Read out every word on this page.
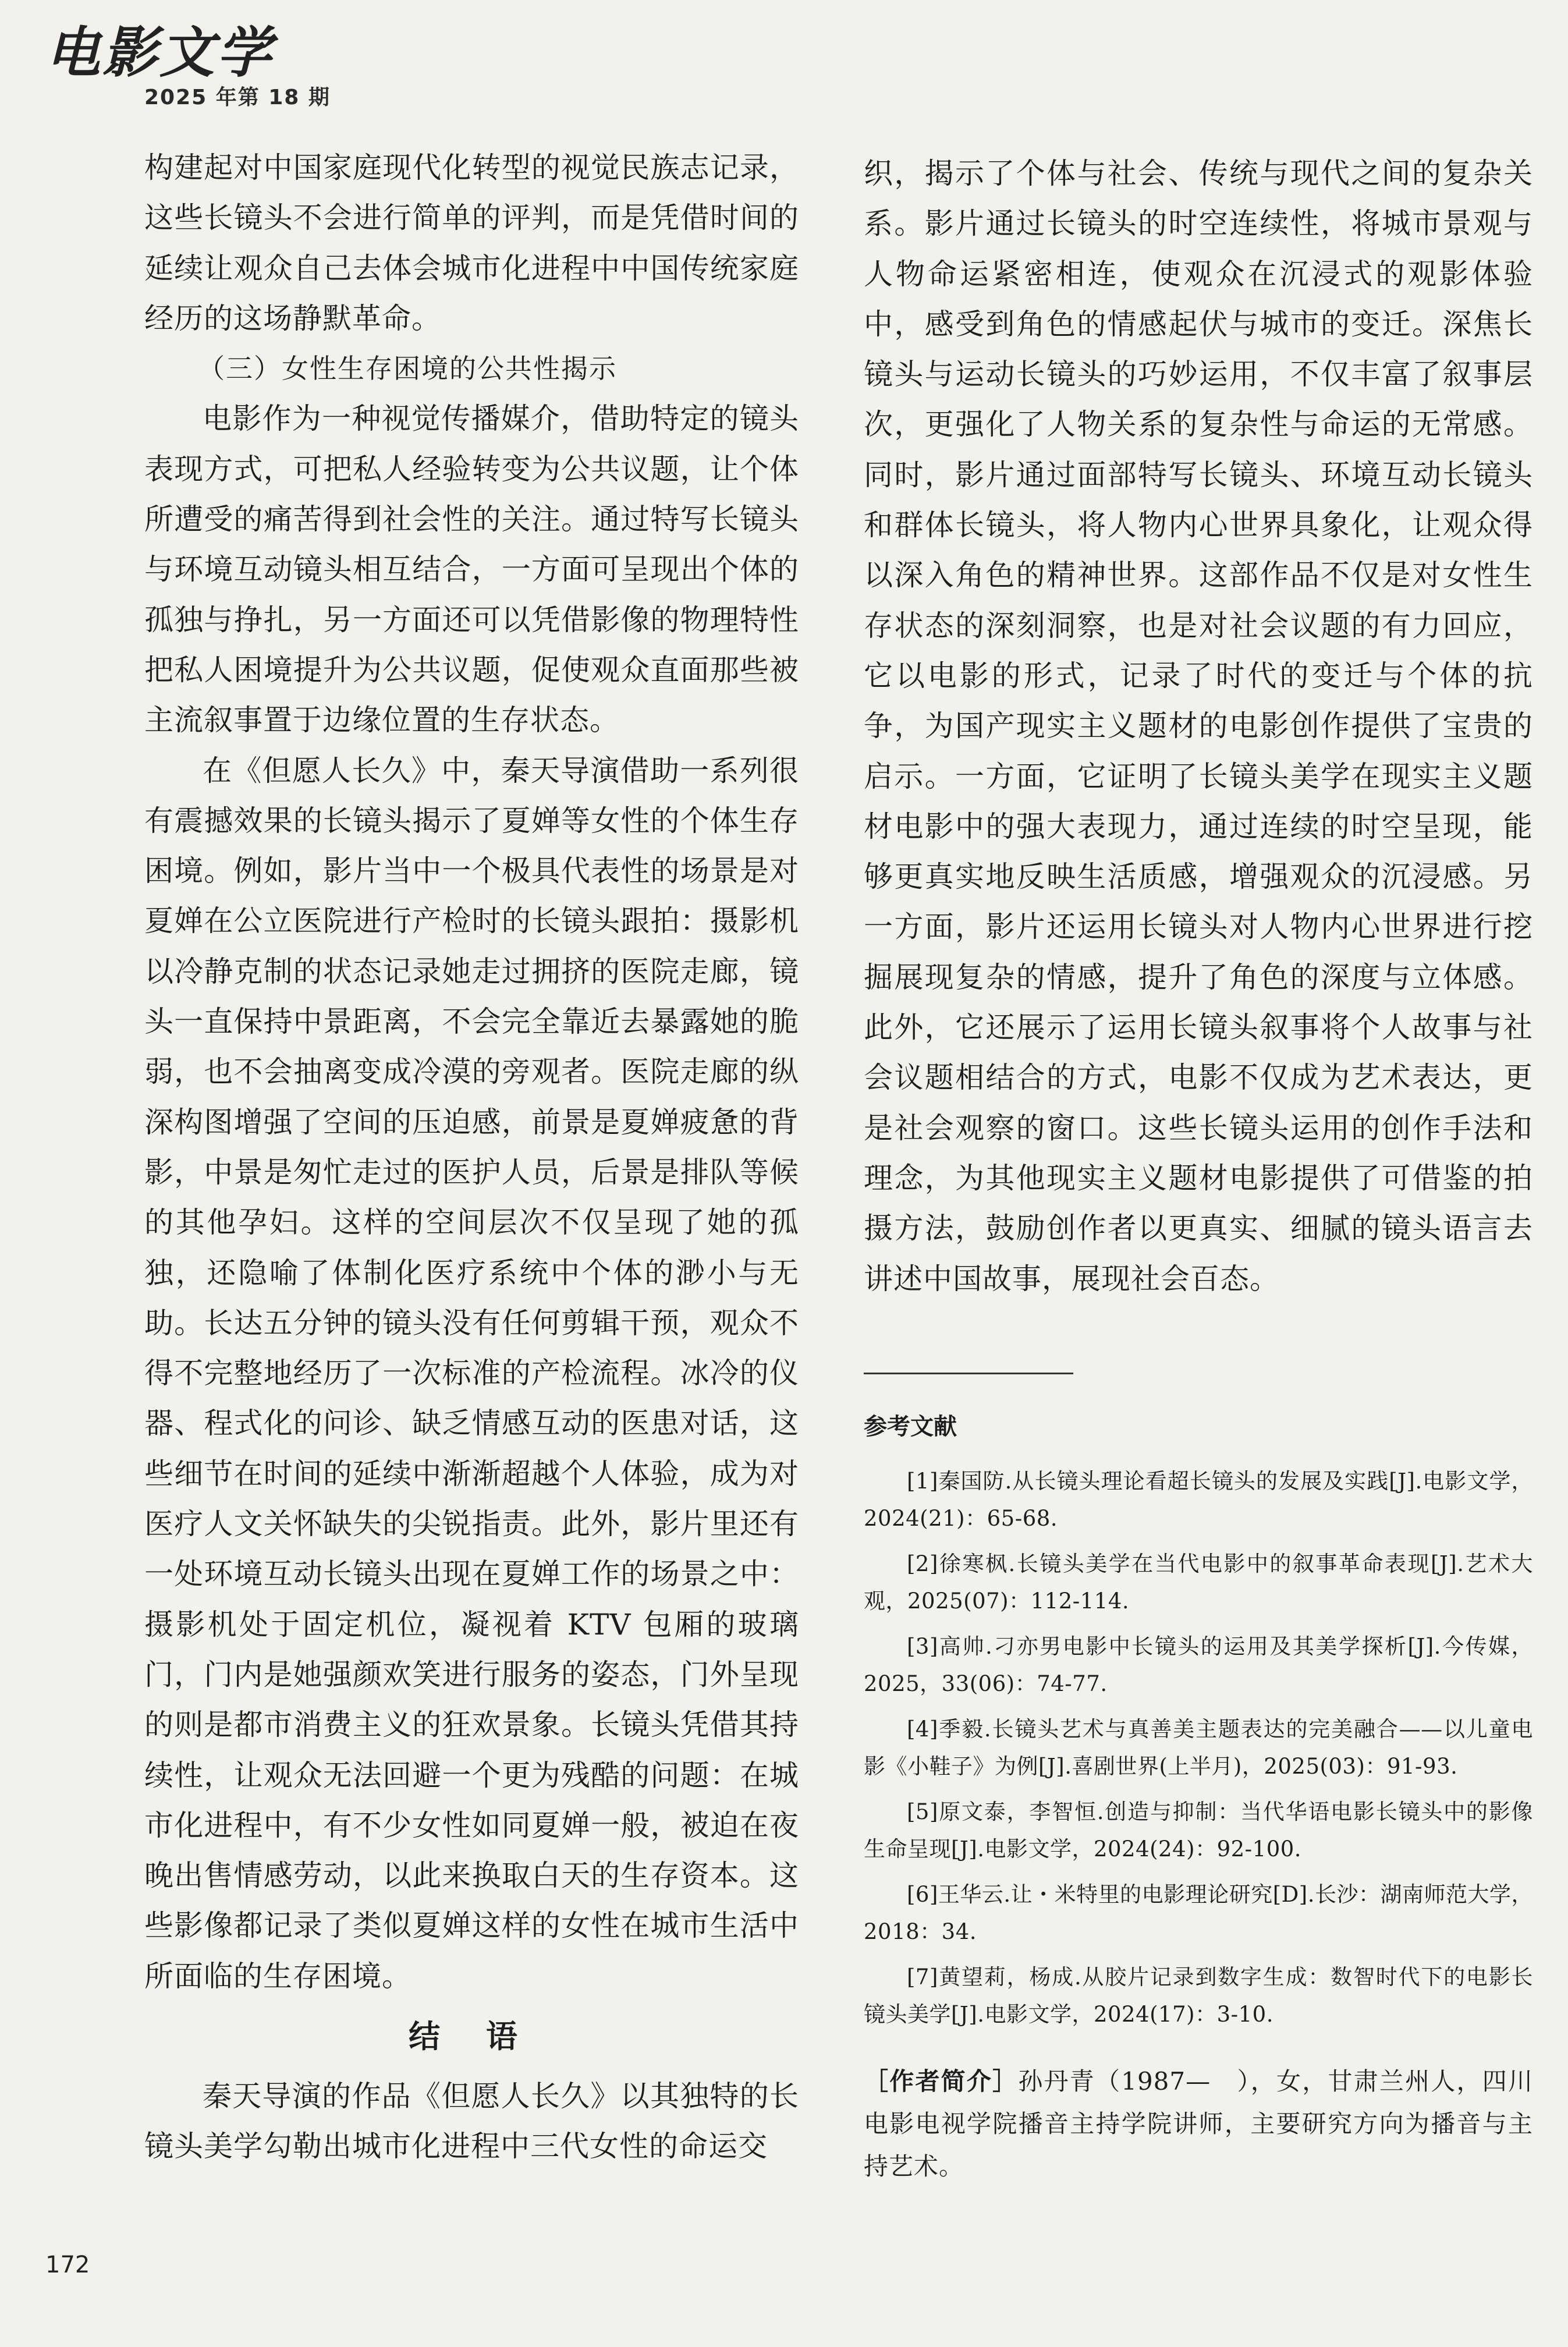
电影文学
2025 年第 18 期

构建起对中国家庭现代化转型的视觉民族志记录，这些长镜头不会进行简单的评判，而是凭借时间的延续让观众自己去体会城市化进程中中国传统家庭经历的这场静默革命。

（三）女性生存困境的公共性揭示

电影作为一种视觉传播媒介，借助特定的镜头表现方式，可把私人经验转变为公共议题，让个体所遭受的痛苦得到社会性的关注。通过特写长镜头与环境互动镜头相互结合，一方面可呈现出个体的孤独与挣扎，另一方面还可以凭借影像的物理特性把私人困境提升为公共议题，促使观众直面那些被主流叙事置于边缘位置的生存状态。

在《但愿人长久》中，秦天导演借助一系列很有震撼效果的长镜头揭示了夏婵等女性的个体生存困境。例如，影片当中一个极具代表性的场景是对夏婵在公立医院进行产检时的长镜头跟拍：摄影机以冷静克制的状态记录她走过拥挤的医院走廊，镜头一直保持中景距离，不会完全靠近去暴露她的脆弱，也不会抽离变成冷漠的旁观者。医院走廊的纵深构图增强了空间的压迫感，前景是夏婵疲惫的背影，中景是匆忙走过的医护人员，后景是排队等候的其他孕妇。这样的空间层次不仅呈现了她的孤独，还隐喻了体制化医疗系统中个体的渺小与无助。长达五分钟的镜头没有任何剪辑干预，观众不得不完整地经历了一次标准的产检流程。冰冷的仪器、程式化的问诊、缺乏情感互动的医患对话，这些细节在时间的延续中渐渐超越个人体验，成为对医疗人文关怀缺失的尖锐指责。此外，影片里还有一处环境互动长镜头出现在夏婵工作的场景之中：摄影机处于固定机位，凝视着 KTV 包厢的玻璃门，门内是她强颜欢笑进行服务的姿态，门外呈现的则是都市消费主义的狂欢景象。长镜头凭借其持续性，让观众无法回避一个更为残酷的问题：在城市化进程中，有不少女性如同夏婵一般，被迫在夜晚出售情感劳动，以此来换取白天的生存资本。这些影像都记录了类似夏婵这样的女性在城市生活中所面临的生存困境。

结 语

秦天导演的作品《但愿人长久》以其独特的长镜头美学勾勒出城市化进程中三代女性的命运交

织，揭示了个体与社会、传统与现代之间的复杂关系。影片通过长镜头的时空连续性，将城市景观与人物命运紧密相连，使观众在沉浸式的观影体验中，感受到角色的情感起伏与城市的变迁。深焦长镜头与运动长镜头的巧妙运用，不仅丰富了叙事层次，更强化了人物关系的复杂性与命运的无常感。同时，影片通过面部特写长镜头、环境互动长镜头和群体长镜头，将人物内心世界具象化，让观众得以深入角色的精神世界。这部作品不仅是对女性生存状态的深刻洞察，也是对社会议题的有力回应，它以电影的形式，记录了时代的变迁与个体的抗争，为国产现实主义题材的电影创作提供了宝贵的启示。一方面，它证明了长镜头美学在现实主义题材电影中的强大表现力，通过连续的时空呈现，能够更真实地反映生活质感，增强观众的沉浸感。另一方面，影片还运用长镜头对人物内心世界进行挖掘展现复杂的情感，提升了角色的深度与立体感。此外，它还展示了运用长镜头叙事将个人故事与社会议题相结合的方式，电影不仅成为艺术表达，更是社会观察的窗口。这些长镜头运用的创作手法和理念，为其他现实主义题材电影提供了可借鉴的拍摄方法，鼓励创作者以更真实、细腻的镜头语言去讲述中国故事，展现社会百态。

参考文献

[1]秦国防.从长镜头理论看超长镜头的发展及实践[J].电影文学，2024(21)：65-68.
[2]徐寒枫.长镜头美学在当代电影中的叙事革命表现[J].艺术大观，2025(07)：112-114.
[3]高帅.刁亦男电影中长镜头的运用及其美学探析[J].今传媒，2025，33(06)：74-77.
[4]季毅.长镜头艺术与真善美主题表达的完美融合——以儿童电影《小鞋子》为例[J].喜剧世界(上半月)，2025(03)：91-93.
[5]原文泰，李智恒.创造与抑制：当代华语电影长镜头中的影像生命呈现[J].电影文学，2024(24)：92-100.
[6]王华云.让・米特里的电影理论研究[D].长沙：湖南师范大学，2018：34.
[7]黄望莉，杨成.从胶片记录到数字生成：数智时代下的电影长镜头美学[J].电影文学，2024(17)：3-10.
［作者简介］孙丹青（1987—　），女，甘肃兰州人，四川电影电视学院播音主持学院讲师，主要研究方向为播音与主持艺术。
172
